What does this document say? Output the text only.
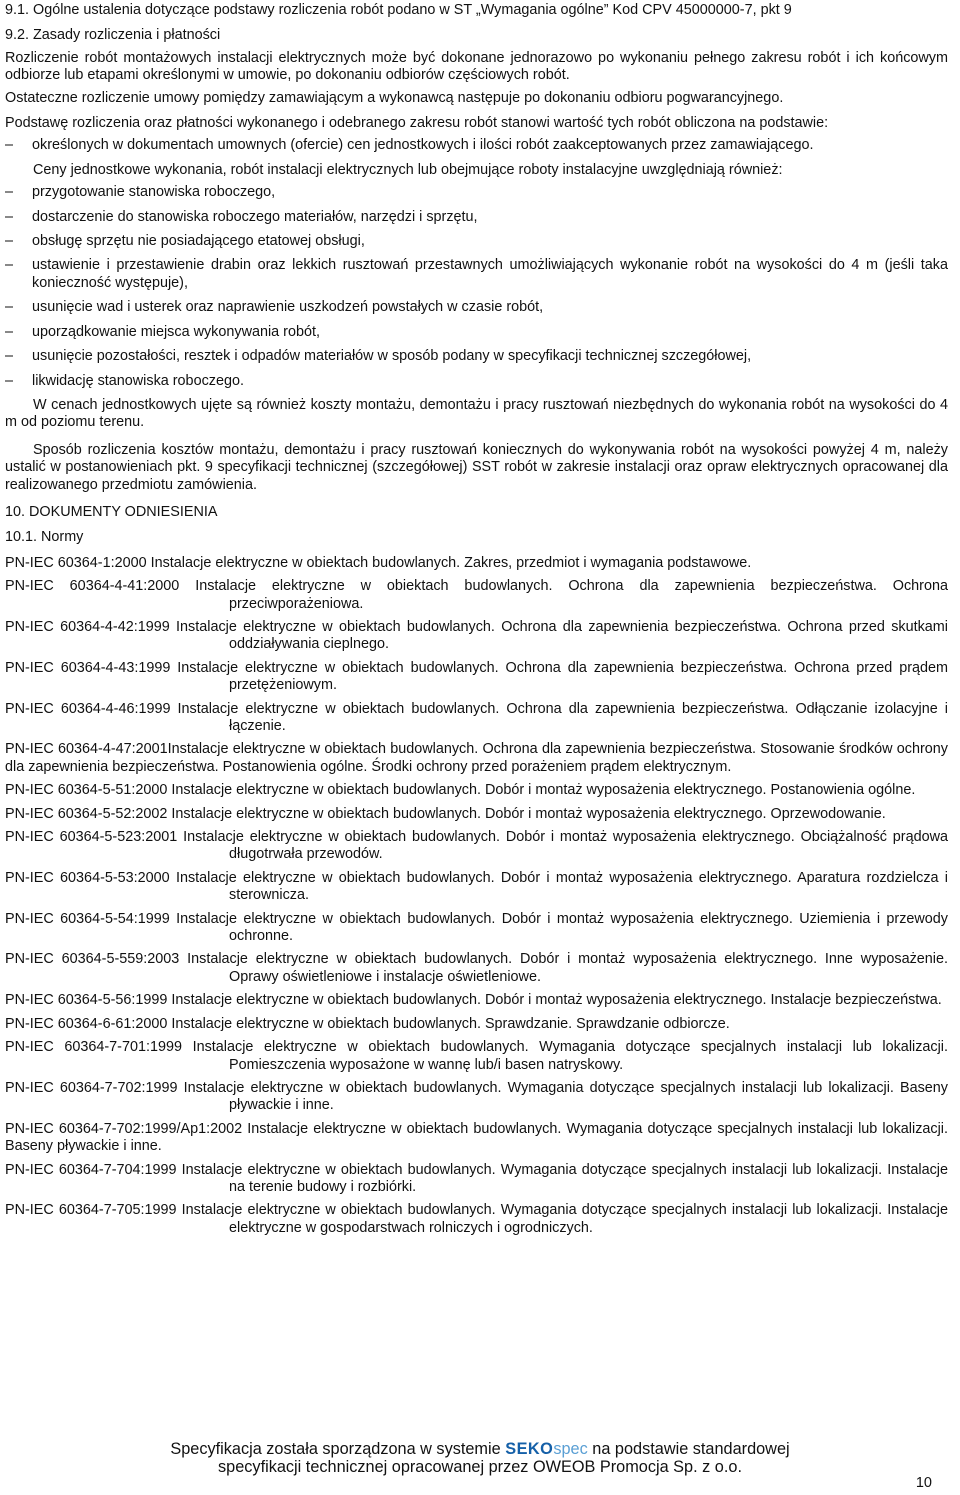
9.1. Ogólne ustalenia dotyczące podstawy rozliczenia robót podano w ST „Wymagania ogólne” Kod CPV 45000000-7, pkt 9

9.2. Zasady rozliczenia i płatności

Rozliczenie robót montażowych instalacji elektrycznych może być dokonane jednorazowo po wykonaniu pełnego zakresu robót i ich końcowym odbiorze lub etapami określonymi w umowie, po dokonaniu odbiorów częściowych robót.

Ostateczne rozliczenie umowy pomiędzy zamawiającym a wykonawcą następuje po dokonaniu odbioru pogwarancyjnego.

Podstawę rozliczenia oraz płatności wykonanego i odebranego zakresu robót stanowi wartość tych robót obliczona na podstawie:

– określonych w dokumentach umownych (ofercie) cen jednostkowych i ilości robót zaakceptowanych przez zamawiającego.

Ceny jednostkowe wykonania, robót instalacji elektrycznych lub obejmujące roboty instalacyjne uwzględniają również:

– przygotowanie stanowiska roboczego,

– dostarczenie do stanowiska roboczego materiałów, narzędzi i sprzętu,

– obsługę sprzętu nie posiadającego etatowej obsługi,

– ustawienie i przestawienie drabin oraz lekkich rusztowań przestawnych umożliwiających wykonanie robót na wysokości do 4 m (jeśli taka konieczność występuje),

– usunięcie wad i usterek oraz naprawienie uszkodzeń powstałych w czasie robót,

– uporządkowanie miejsca wykonywania robót,

– usunięcie pozostałości, resztek i odpadów materiałów w sposób podany w specyfikacji technicznej szczegółowej,

– likwidację stanowiska roboczego.

W cenach jednostkowych ujęte są również koszty montażu, demontażu i pracy rusztowań niezbędnych do wykonania robót na wysokości do 4 m od poziomu terenu.

Sposób rozliczenia kosztów montażu, demontażu i pracy rusztowań koniecznych do wykonywania robót na wysokości powyżej 4 m, należy ustalić w postanowieniach pkt. 9 specyfikacji technicznej (szczegółowej) SST robót w zakresie instalacji oraz opraw elektrycznych opracowanej dla realizowanego przedmiotu zamówienia.

10. DOKUMENTY ODNIESIENIA

10.1. Normy

PN-IEC 60364-1:2000 Instalacje elektryczne w obiektach budowlanych. Zakres, przedmiot i wymagania podstawowe.

PN-IEC 60364-4-41:2000 Instalacje elektryczne w obiektach budowlanych. Ochrona dla zapewnienia bezpieczeństwa. Ochrona przeciwporażeniowa.

PN-IEC 60364-4-42:1999 Instalacje elektryczne w obiektach budowlanych. Ochrona dla zapewnienia bezpieczeństwa. Ochrona przed skutkami oddziaływania cieplnego.

PN-IEC 60364-4-43:1999 Instalacje elektryczne w obiektach budowlanych. Ochrona dla zapewnienia bezpieczeństwa. Ochrona przed prądem przetężeniowym.

PN-IEC 60364-4-46:1999 Instalacje elektryczne w obiektach budowlanych. Ochrona dla zapewnienia bezpieczeństwa. Odłączanie izolacyjne i łączenie.

PN-IEC 60364-4-47:2001Instalacje elektryczne w obiektach budowlanych. Ochrona dla zapewnienia bezpieczeństwa. Stosowanie środków ochrony dla zapewnienia bezpieczeństwa. Postanowienia ogólne. Środki ochrony przed porażeniem prądem elektrycznym.

PN-IEC 60364-5-51:2000 Instalacje elektryczne w obiektach budowlanych. Dobór i montaż wyposażenia elektrycznego. Postanowienia ogólne.

PN-IEC 60364-5-52:2002 Instalacje elektryczne w obiektach budowlanych. Dobór i montaż wyposażenia elektrycznego. Oprzewodowanie.

PN-IEC 60364-5-523:2001 Instalacje elektryczne w obiektach budowlanych. Dobór i montaż wyposażenia elektrycznego. Obciążalność prądowa długotrwała przewodów.

PN-IEC 60364-5-53:2000 Instalacje elektryczne w obiektach budowlanych. Dobór i montaż wyposażenia elektrycznego. Aparatura rozdzielcza i sterownicza.

PN-IEC 60364-5-54:1999 Instalacje elektryczne w obiektach budowlanych. Dobór i montaż wyposażenia elektrycznego. Uziemienia i przewody ochronne.

PN-IEC 60364-5-559:2003 Instalacje elektryczne w obiektach budowlanych. Dobór i montaż wyposażenia elektrycznego. Inne wyposażenie. Oprawy oświetleniowe i instalacje oświetleniowe.

PN-IEC 60364-5-56:1999 Instalacje elektryczne w obiektach budowlanych. Dobór i montaż wyposażenia elektrycznego. Instalacje bezpieczeństwa.

PN-IEC 60364-6-61:2000 Instalacje elektryczne w obiektach budowlanych. Sprawdzanie. Sprawdzanie odbiorcze.

PN-IEC 60364-7-701:1999 Instalacje elektryczne w obiektach budowlanych. Wymagania dotyczące specjalnych instalacji lub lokalizacji. Pomieszczenia wyposażone w wannę lub/i basen natryskowy.

PN-IEC 60364-7-702:1999 Instalacje elektryczne w obiektach budowlanych. Wymagania dotyczące specjalnych instalacji lub lokalizacji. Baseny pływackie i inne.

PN-IEC 60364-7-702:1999/Ap1:2002 Instalacje elektryczne w obiektach budowlanych. Wymagania dotyczące specjalnych instalacji lub lokalizacji. Baseny pływackie i inne.

PN-IEC 60364-7-704:1999 Instalacje elektryczne w obiektach budowlanych. Wymagania dotyczące specjalnych instalacji lub lokalizacji. Instalacje na terenie budowy i rozbiórki.

PN-IEC 60364-7-705:1999 Instalacje elektryczne w obiektach budowlanych. Wymagania dotyczące specjalnych instalacji lub lokalizacji. Instalacje elektryczne w gospodarstwach rolniczych i ogrodniczych.

Specyfikacja została sporządzona w systemie SEKOspec na podstawie standardowej
specyfikacji technicznej opracowanej przez OWEOB Promocja Sp. z o.o.
10
